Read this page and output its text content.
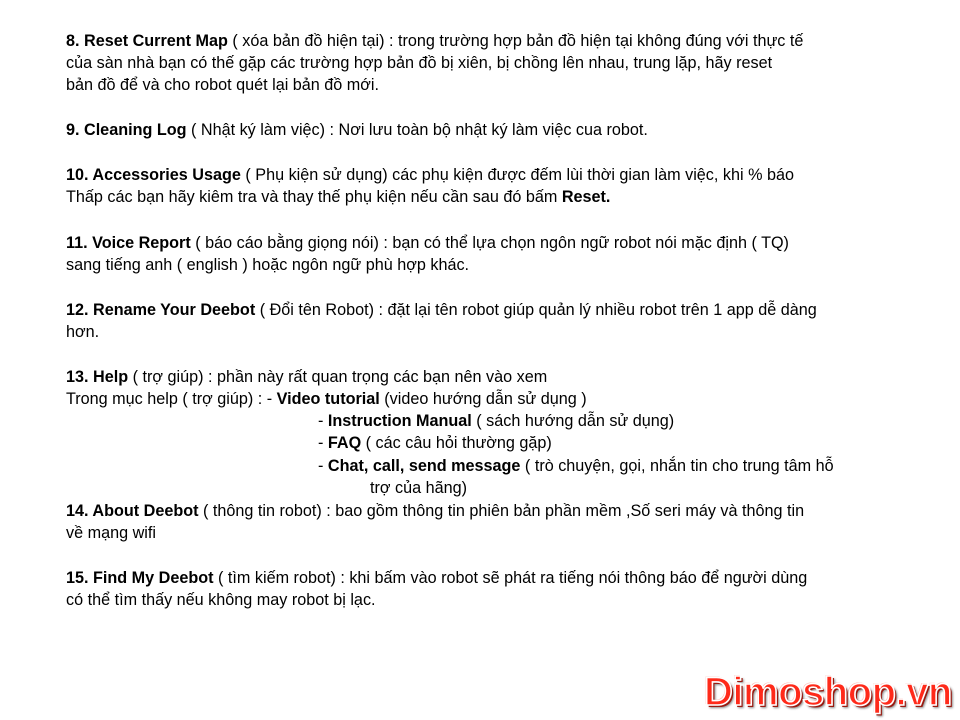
8. Reset Current Map ( xóa bản đồ hiện tại) : trong trường hợp bản đồ hiện tại không đúng với thực tế
của sàn nhà bạn có thế gặp các trường hợp bản đồ bị xiên, bị chồng lên nhau, trung lặp, hãy reset
bản đồ để và cho robot quét lại bản đồ mới.
9. Cleaning Log ( Nhật ký làm việc) : Nơi lưu toàn bộ nhật ký làm việc cua robot.
10. Accessories Usage ( Phụ kiện sử dụng) các phụ kiện được đếm lùi thời gian làm việc, khi % báo
Thấp các bạn hãy kiêm tra và thay thế phụ kiện nếu cần sau đó bấm Reset.
11. Voice Report ( báo cáo bằng giọng nói) : bạn có thể lựa chọn ngôn ngữ robot nói mặc định ( TQ)
sang tiếng anh ( english ) hoặc ngôn ngữ phù hợp khác.
12. Rename Your Deebot ( Đổi tên Robot) : đặt lại tên robot giúp quản lý nhiều robot trên 1 app dễ dàng
hơn.
13. Help ( trợ giúp) : phần này rất quan trọng các bạn nên vào xem
Trong mục help ( trợ giúp) : - Video tutorial (video hướng dẫn sử dụng )
- Instruction Manual ( sách hướng dẫn sử dụng)
- FAQ ( các câu hỏi thường gặp)
- Chat, call, send message ( trò chuyện, gọi, nhắn tin cho trung tâm hỗ
trợ của hãng)
14. About Deebot ( thông tin robot) : bao gồm thông tin phiên bản phần mềm ,Số seri máy và thông tin
về mạng wifi
15. Find My Deebot ( tìm kiếm robot) : khi bấm vào robot sẽ phát ra tiếng nói thông báo để người dùng
có thể tìm thấy nếu không may robot bị lạc.
Dimoshop.vn
